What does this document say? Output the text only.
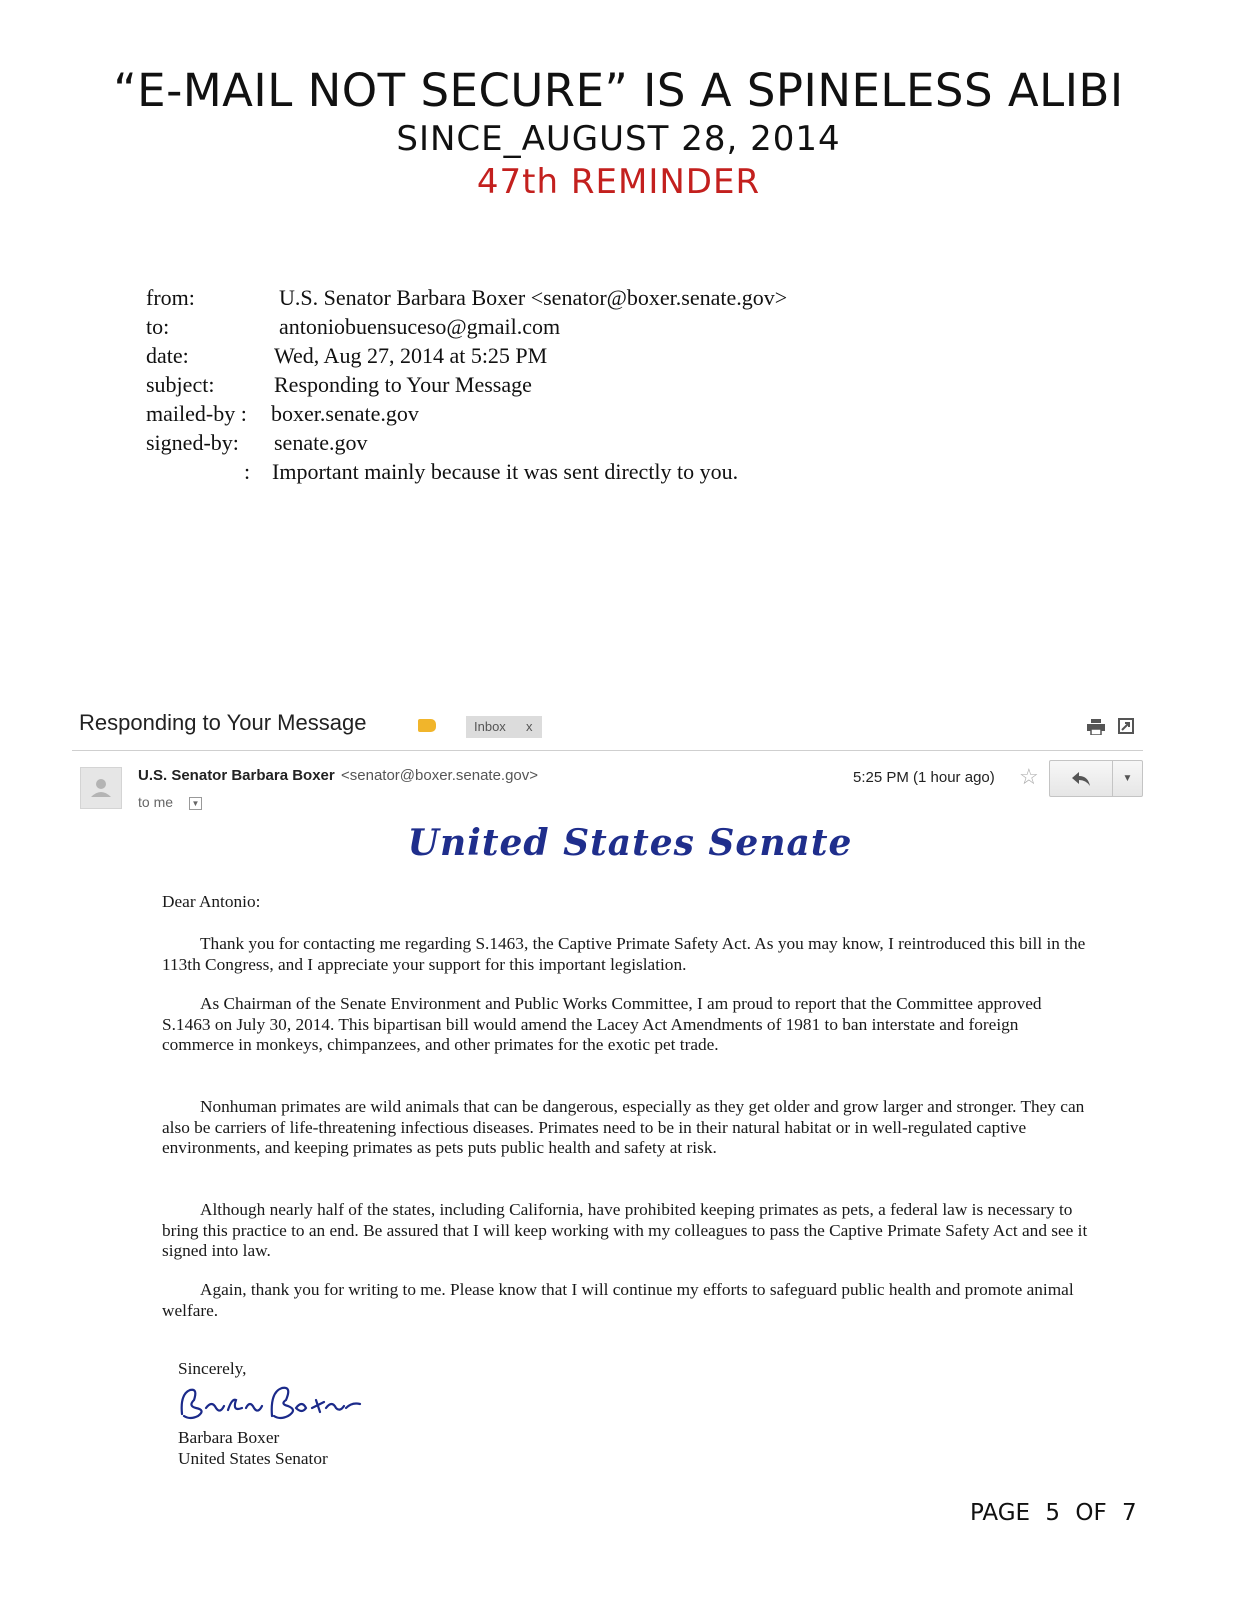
“E-MAIL NOT SECURE” IS A SPINELESS ALIBI
SINCE_AUGUST 28, 2014
47th REMINDER
from:	U.S. Senator Barbara Boxer <senator@boxer.senate.gov>
to:	antoniobuensuceso@gmail.com
date:	Wed, Aug 27, 2014 at 5:25 PM
subject:	Responding to Your Message
mailed-by : boxer.senate.gov
signed-by: senate.gov
: Important mainly because it was sent directly to you.
Responding to Your Message	Inbox x
U.S. Senator Barbara Boxer <senator@boxer.senate.gov>
to me	▼
5:25 PM (1 hour ago) ☆	▼
United States Senate
Dear Antonio:

Thank you for contacting me regarding S.1463, the Captive Primate Safety Act. As you may know, I reintroduced this bill in the 113th Congress, and I appreciate your support for this important legislation.

As Chairman of the Senate Environment and Public Works Committee, I am proud to report that the Committee approved S.1463 on July 30, 2014. This bipartisan bill would amend the Lacey Act Amendments of 1981 to ban interstate and foreign commerce in monkeys, chimpanzees, and other primates for the exotic pet trade.

Nonhuman primates are wild animals that can be dangerous, especially as they get older and grow larger and stronger. They can also be carriers of life-threatening infectious diseases. Primates need to be in their natural habitat or in well-regulated captive environments, and keeping primates as pets puts public health and safety at risk.

Although nearly half of the states, including California, have prohibited keeping primates as pets, a federal law is necessary to bring this practice to an end. Be assured that I will keep working with my colleagues to pass the Captive Primate Safety Act and see it signed into law.

Again, thank you for writing to me. Please know that I will continue my efforts to safeguard public health and promote animal welfare.

Sincerely,
Barbara Boxer
United States Senator
PAGE 5 OF 7
